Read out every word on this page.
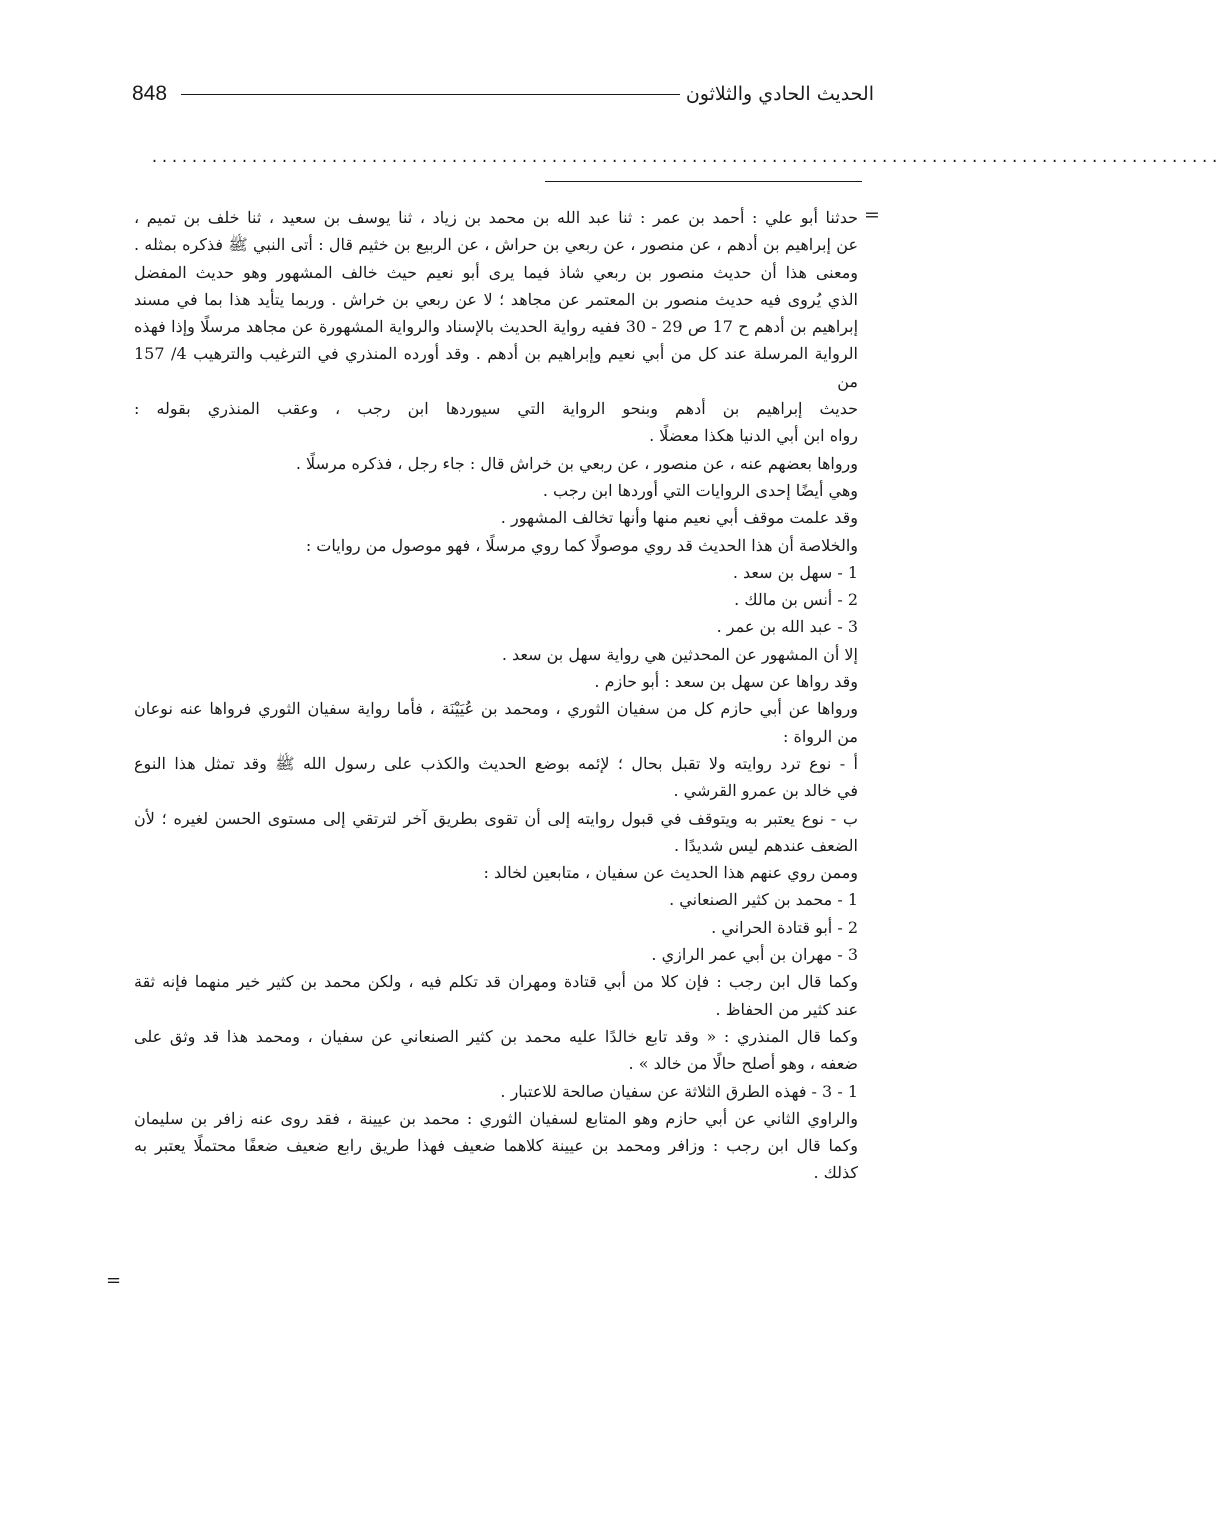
848	الحديث الحادي والثلاثون
...........................................................................................................
=

حدثنا أبو علي : أحمد بن عمر : ثنا عبد الله بن محمد بن زياد ، ثنا يوسف بن سعيد ، ثنا خلف بن تميم ،

عن إبراهيم بن أدهم ، عن منصور ، عن ربعي بن حراش ، عن الربيع بن خثيم قال : أتى النبي ﷺ فذكره بمثله .

ومعنى هذا أن حديث منصور بن ربعي شاذ فيما يرى أبو نعيم حيث خالف المشهور وهو حديث المفضل

الذي يُروى فيه حديث منصور بن المعتمر عن مجاهد ؛ لا عن ربعي بن خراش . وربما يتأيد هذا بما في مسند

إبراهيم بن أدهم ح 17 ص 29 - 30 ففيه رواية الحديث بالإسناد والرواية المشهورة عن مجاهد مرسلًا وإذا فهذه

الرواية المرسلة عند كل من أبي نعيم وإبراهيم بن أدهم . وقد أورده المنذري في الترغيب والترهيب 4/ 157 من

حديث إبراهيم بن أدهم وبنحو الرواية التي سيوردها ابن رجب ، وعقب المنذري بقوله :

رواه ابن أبي الدنيا هكذا معضلًا .

ورواها بعضهم عنه ، عن منصور ، عن ربعي بن خراش قال : جاء رجل ، فذكره مرسلًا .

وهي أيضًا إحدى الروايات التي أوردها ابن رجب .

وقد علمت موقف أبي نعيم منها وأنها تخالف المشهور .

والخلاصة أن هذا الحديث قد روي موصولًا كما روي مرسلًا ، فهو موصول من روايات :

1 - سهل بن سعد .

2 - أنس بن مالك .

3 - عبد الله بن عمر .

إلا أن المشهور عن المحدثين هي رواية سهل بن سعد .

وقد رواها عن سهل بن سعد : أبو حازم .

ورواها عن أبي حازم كل من سفيان الثوري ، ومحمد بن عُيَيْنَة ، فأما رواية سفيان الثوري فرواها عنه نوعان

من الرواة :

أ - نوع ترد روايته ولا تقبل بحال ؛ لإئمه بوضع الحديث والكذب على رسول الله ﷺ وقد تمثل هذا النوع

في خالد بن عمرو القرشي .

ب - نوع يعتبر به ويتوقف في قبول روايته إلى أن تقوى بطريق آخر لترتقي إلى مستوى الحسن لغيره ؛ لأن

الضعف عندهم ليس شديدًا .

وممن روي عنهم هذا الحديث عن سفيان ، متابعين لخالد :

1 - محمد بن كثير الصنعاني .

2 - أبو قتادة الحراني .

3 - مهران بن أبي عمر الرازي .

وكما قال ابن رجب : فإن كلا من أبي قتادة ومهران قد تكلم فيه ، ولكن محمد بن كثير خير منهما فإنه ثقة

عند كثير من الحفاظ .

وكما قال المنذري : « وقد تابع خالدًا عليه محمد بن كثير الصنعاني عن سفيان ، ومحمد هذا قد وثق على

ضعفه ، وهو أصلح حالًا من خالد » .

1 - 3 - فهذه الطرق الثلاثة عن سفيان صالحة للاعتبار .

والراوي الثاني عن أبي حازم وهو المتابع لسفيان الثوري : محمد بن عيينة ، فقد روى عنه زافر بن سليمان

وكما قال ابن رجب : وزافر ومحمد بن عيينة كلاهما ضعيف فهذا طريق رابع ضعيف ضعفًا محتملًا يعتبر به

كذلك .

=
